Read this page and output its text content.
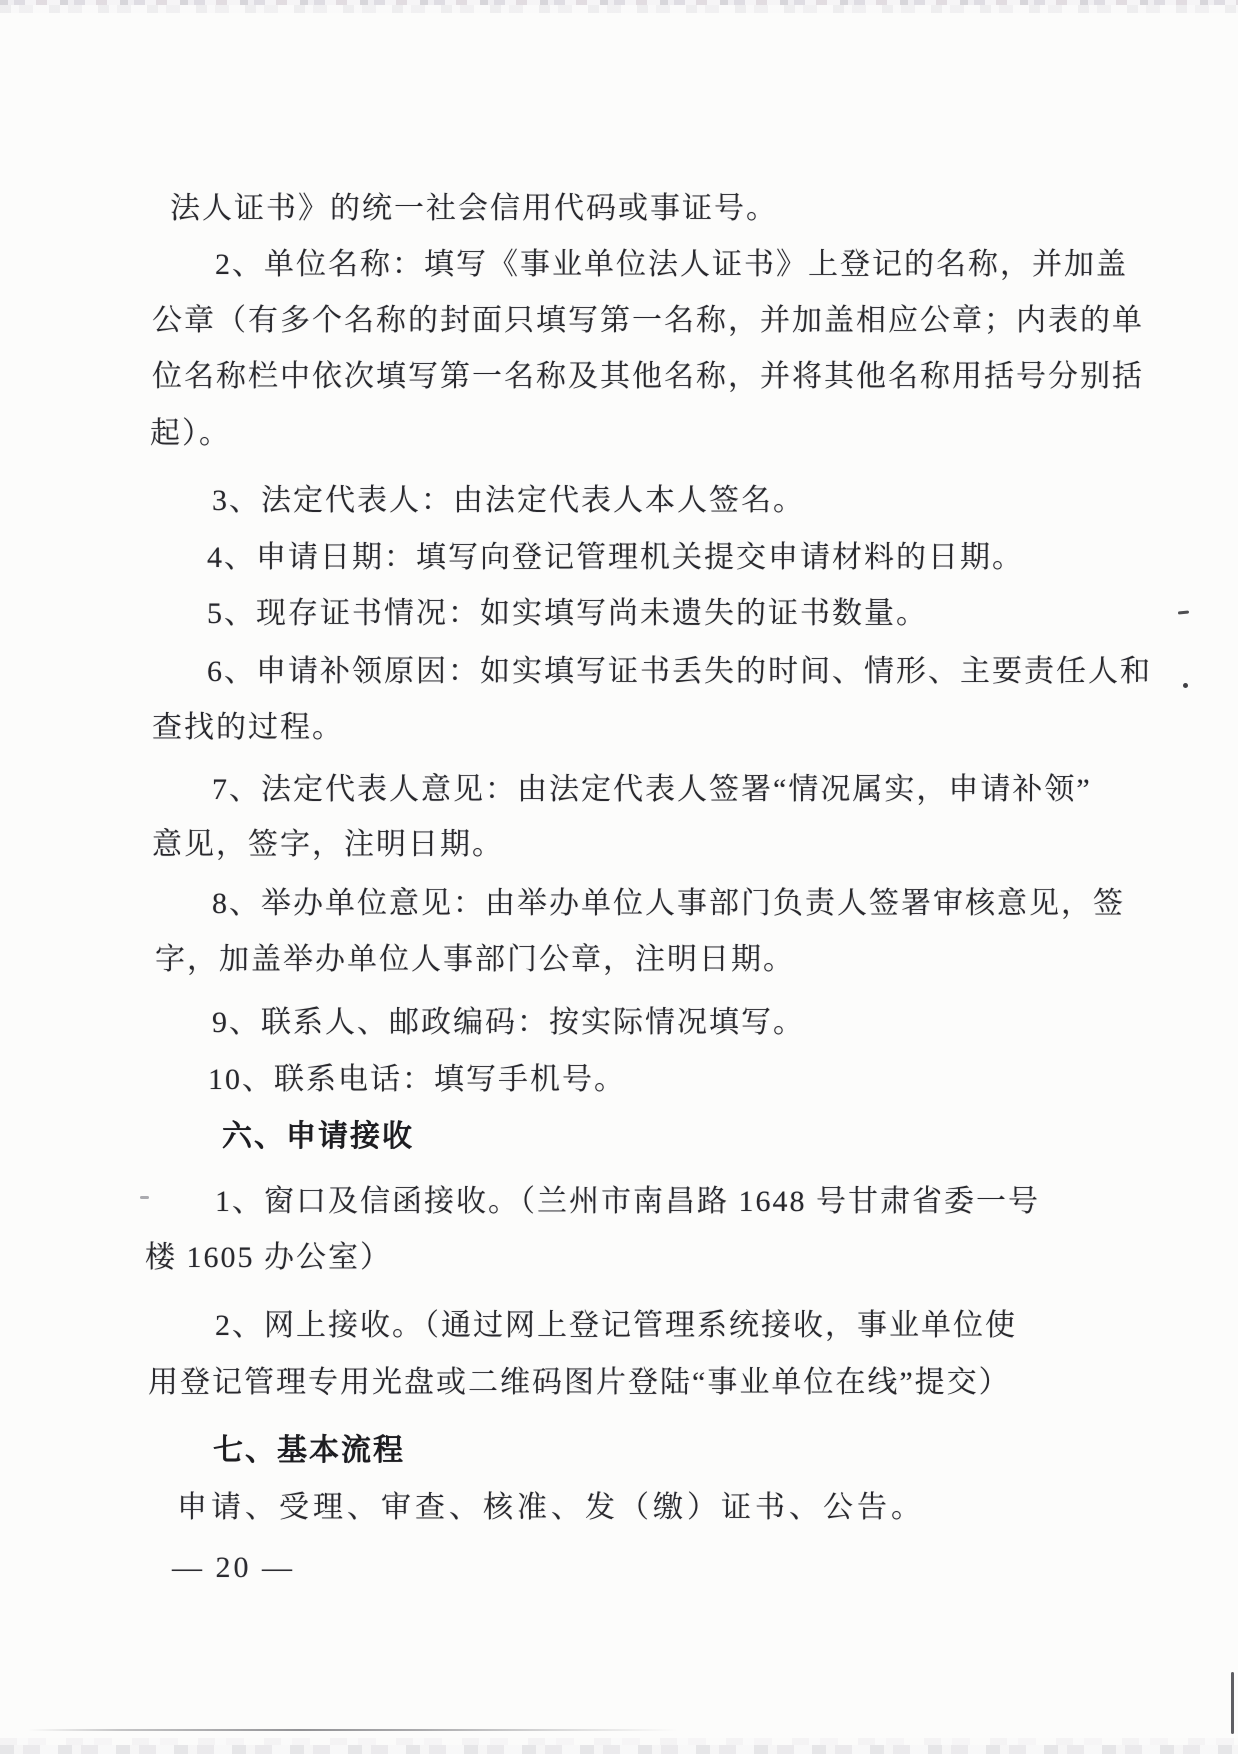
法人证书》的统一社会信用代码或事证号。
2、单位名称：填写《事业单位法人证书》上登记的名称，并加盖
公章（有多个名称的封面只填写第一名称，并加盖相应公章；内表的单
位名称栏中依次填写第一名称及其他名称，并将其他名称用括号分别括
起）。
3、法定代表人：由法定代表人本人签名。
4、申请日期：填写向登记管理机关提交申请材料的日期。
5、现存证书情况：如实填写尚未遗失的证书数量。
6、申请补领原因：如实填写证书丢失的时间、情形、主要责任人和
查找的过程。
7、法定代表人意见：由法定代表人签署“情况属实，申请补领”
意见，签字，注明日期。
8、举办单位意见：由举办单位人事部门负责人签署审核意见，签
字，加盖举办单位人事部门公章，注明日期。
9、联系人、邮政编码：按实际情况填写。
10、联系电话：填写手机号。
六、申请接收
1、窗口及信函接收。（兰州市南昌路 1648 号甘肃省委一号
楼 1605 办公室）
2、网上接收。（通过网上登记管理系统接收，事业单位使
用登记管理专用光盘或二维码图片登陆“事业单位在线”提交）
七、基本流程
申请、受理、审查、核准、发（缴）证书、公告。
— 20 —
